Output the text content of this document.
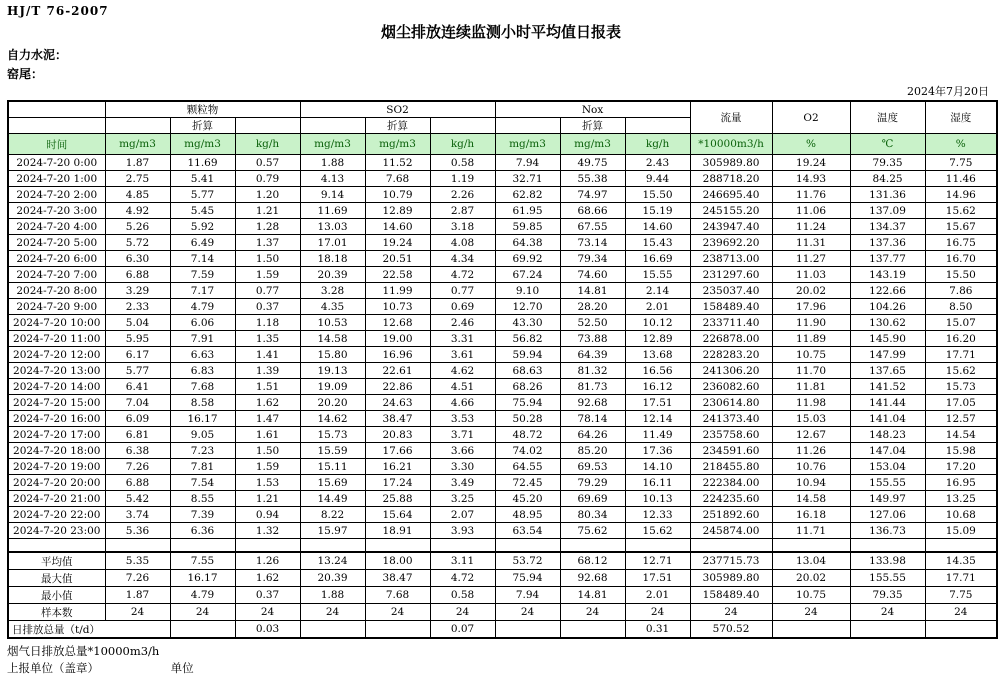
HJ/T 76-2007
烟尘排放连续监测小时平均值日报表
自力水泥：
窑尾：
2024年7月20日
	颗粒物			SO2			Nox			流量	O2	温度	湿度
		折算			折算			折算					
时间	mg/m3	mg/m3	kg/h	mg/m3	mg/m3	kg/h	mg/m3	mg/m3	kg/h	*10000m3/h	%	℃	%
2024-7-20 0:00	1.87	11.69	0.57	1.88	11.52	0.58	7.94	49.75	2.43	305989.80	19.24	79.35	7.75
2024-7-20 1:00	2.75	5.41	0.79	4.13	7.68	1.19	32.71	55.38	9.44	288718.20	14.93	84.25	11.46
2024-7-20 2:00	4.85	5.77	1.20	9.14	10.79	2.26	62.82	74.97	15.50	246695.40	11.76	131.36	14.96
2024-7-20 3:00	4.92	5.45	1.21	11.69	12.89	2.87	61.95	68.66	15.19	245155.20	11.06	137.09	15.62
2024-7-20 4:00	5.26	5.92	1.28	13.03	14.60	3.18	59.85	67.55	14.60	243947.40	11.24	134.37	15.67
2024-7-20 5:00	5.72	6.49	1.37	17.01	19.24	4.08	64.38	73.14	15.43	239692.20	11.31	137.36	16.75
2024-7-20 6:00	6.30	7.14	1.50	18.18	20.51	4.34	69.92	79.34	16.69	238713.00	11.27	137.77	16.70
2024-7-20 7:00	6.88	7.59	1.59	20.39	22.58	4.72	67.24	74.60	15.55	231297.60	11.03	143.19	15.50
2024-7-20 8:00	3.29	7.17	0.77	3.28	11.99	0.77	9.10	14.81	2.14	235037.40	20.02	122.66	7.86
2024-7-20 9:00	2.33	4.79	0.37	4.35	10.73	0.69	12.70	28.20	2.01	158489.40	17.96	104.26	8.50
2024-7-20 10:00	5.04	6.06	1.18	10.53	12.68	2.46	43.30	52.50	10.12	233711.40	11.90	130.62	15.07
2024-7-20 11:00	5.95	7.91	1.35	14.58	19.00	3.31	56.82	73.88	12.89	226878.00	11.89	145.90	16.20
2024-7-20 12:00	6.17	6.63	1.41	15.80	16.96	3.61	59.94	64.39	13.68	228283.20	10.75	147.99	17.71
2024-7-20 13:00	5.77	6.83	1.39	19.13	22.61	4.62	68.63	81.32	16.56	241306.20	11.70	137.65	15.62
2024-7-20 14:00	6.41	7.68	1.51	19.09	22.86	4.51	68.26	81.73	16.12	236082.60	11.81	141.52	15.73
2024-7-20 15:00	7.04	8.58	1.62	20.20	24.63	4.66	75.94	92.68	17.51	230614.80	11.98	141.44	17.05
2024-7-20 16:00	6.09	16.17	1.47	14.62	38.47	3.53	50.28	78.14	12.14	241373.40	15.03	141.04	12.57
2024-7-20 17:00	6.81	9.05	1.61	15.73	20.83	3.71	48.72	64.26	11.49	235758.60	12.67	148.23	14.54
2024-7-20 18:00	6.38	7.23	1.50	15.59	17.66	3.66	74.02	85.20	17.36	234591.60	11.26	147.04	15.98
2024-7-20 19:00	7.26	7.81	1.59	15.11	16.21	3.30	64.55	69.53	14.10	218455.80	10.76	153.04	17.20
2024-7-20 20:00	6.88	7.54	1.53	15.69	17.24	3.49	72.45	79.29	16.11	222384.00	10.94	155.55	16.95
2024-7-20 21:00	5.42	8.55	1.21	14.49	25.88	3.25	45.20	69.69	10.13	224235.60	14.58	149.97	13.25
2024-7-20 22:00	3.74	7.39	0.94	8.22	15.64	2.07	48.95	80.34	12.33	251892.60	16.18	127.06	10.68
2024-7-20 23:00	5.36	6.36	1.32	15.97	18.91	3.93	63.54	75.62	15.62	245874.00	11.71	136.73	15.09

平均值	5.35	7.55	1.26	13.24	18.00	3.11	53.72	68.12	12.71	237715.73	13.04	133.98	14.35
最大值	7.26	16.17	1.62	20.39	38.47	4.72	75.94	92.68	17.51	305989.80	20.02	155.55	17.71
最小值	1.87	4.79	0.37	1.88	7.68	0.58	7.94	14.81	2.01	158489.40	10.75	79.35	7.75
样本数	24	24	24	24	24	24	24	24	24	24	24	24	24
日排放总量（t/d）			0.03			0.07			0.31	570.52			
烟气日排放总量*10000m3/h
上报单位（盖章）	单位
